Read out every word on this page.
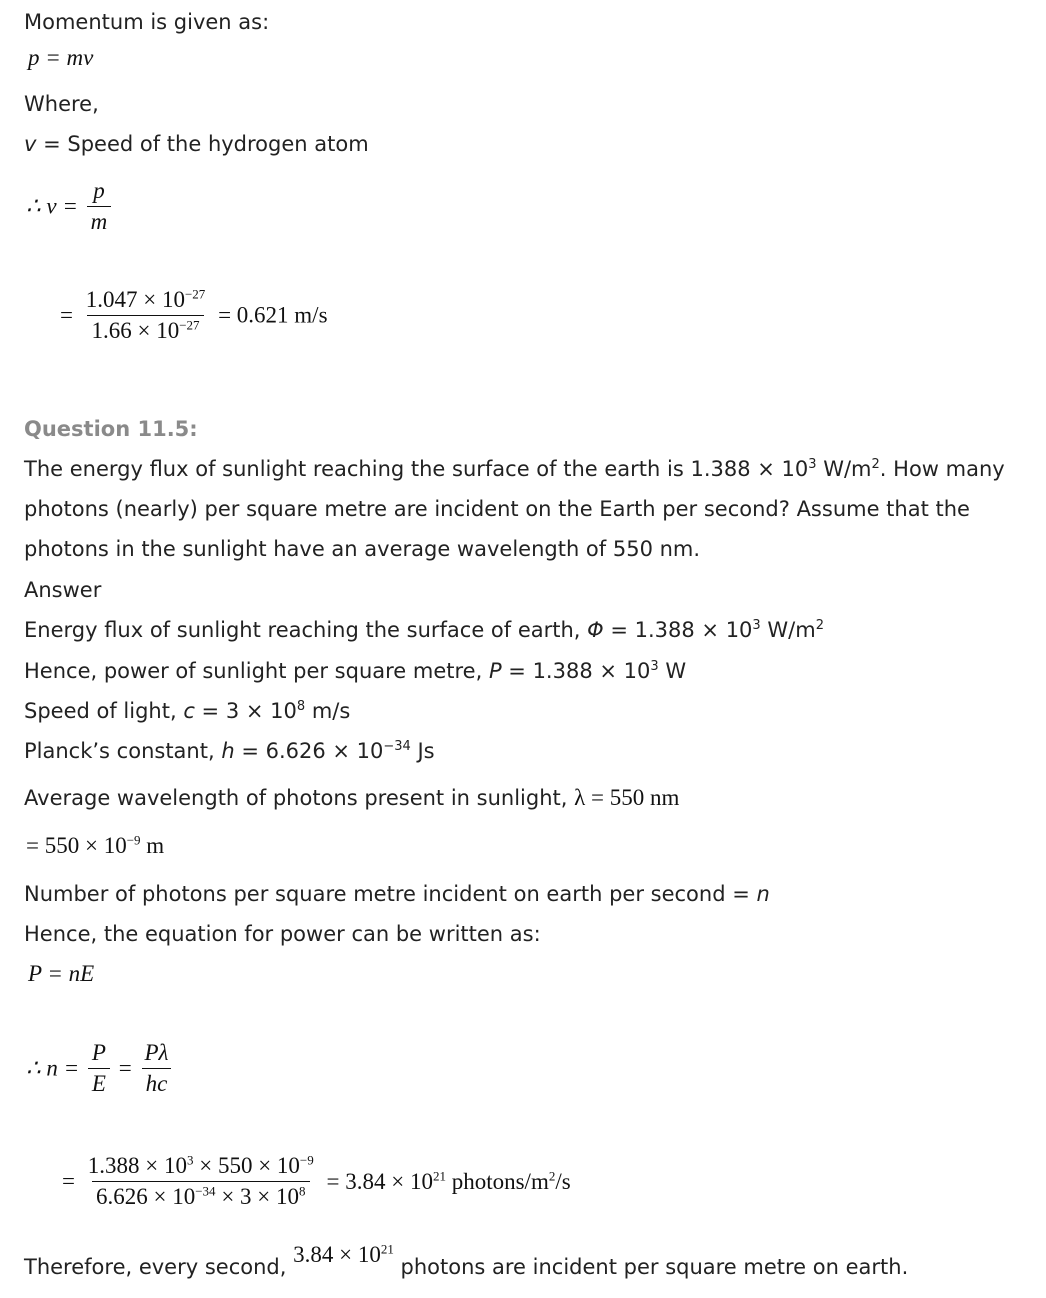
Momentum is given as:
p = mv
Where,
v = Speed of the hydrogen atom
∴ $v = \frac{p}{m}$
= $\frac{1.047 \times 10^{-27}}{1.66 \times 10^{-27}} = 0.621$ m/s
Question 11.5:
The energy flux of sunlight reaching the surface of the earth is $1.388 \times 10^3$ $W/m^2$. How many photons (nearly) per square metre are incident on the Earth per second? Assume that the photons in the sunlight have an average wavelength of 550 nm.
Answer
Energy flux of sunlight reaching the surface of earth, $\Phi = 1.388 \times 10^3$ $W/m^2$
Hence, power of sunlight per square metre, $P = 1.388 \times 10^3$ W
Speed of light, $c = 3 \times 10^8$ m/s
Planck’s constant, $h = 6.626 \times 10^{-34}$ Js
Average wavelength of photons present in sunlight, λ = 550 nm
= $550 \times 10^{-9}$ m
Number of photons per square metre incident on earth per second = n
Hence, the equation for power can be written as:
P = nE
∴ $n = \frac{P}{E} = \frac{P\lambda}{hc}$
= $\frac{1.388 \times 10^3 \times 550 \times 10^{-9}}{6.626 \times 10^{-34} \times 3 \times 10^8} = 3.84 \times 10^{21}$ photons/$m^2/s$
Therefore, every second, $3.84 \times 10^{21}$ photons are incident per square metre on earth.
